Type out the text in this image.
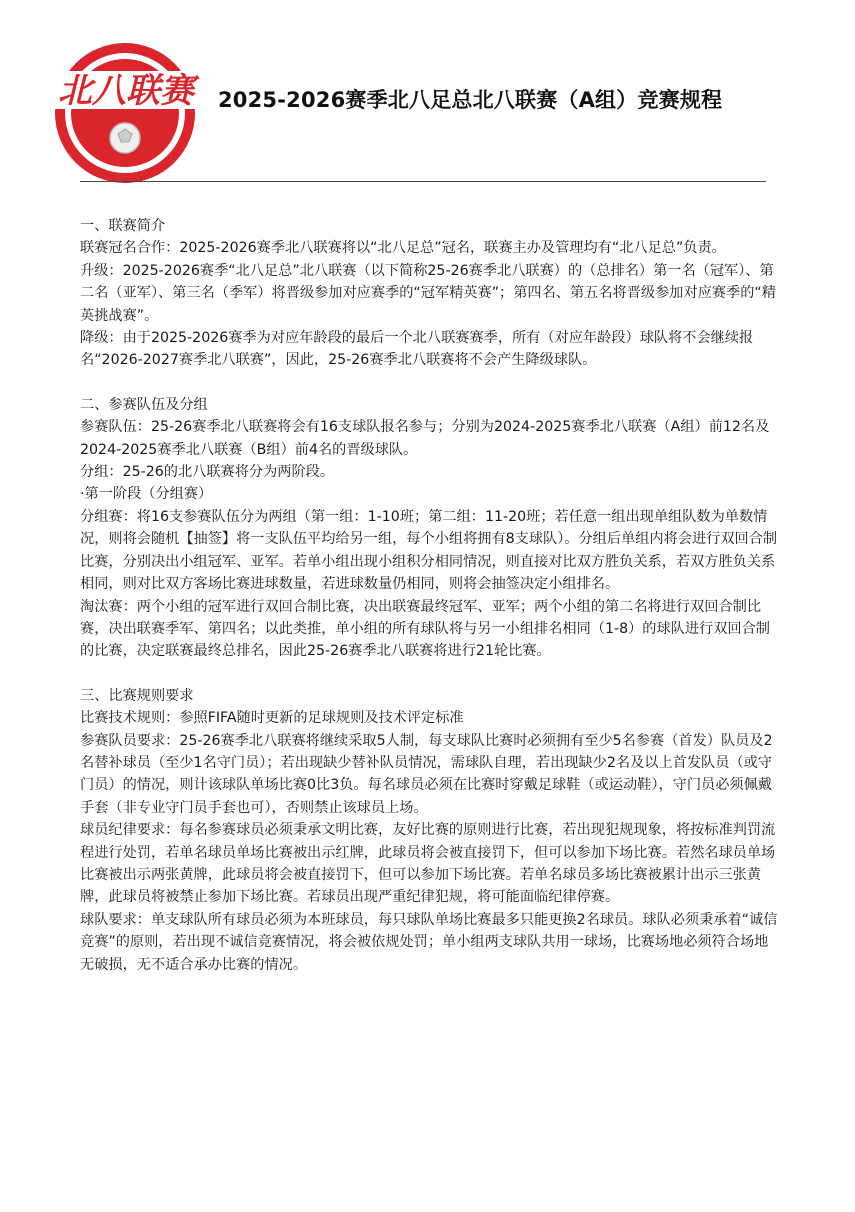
北八联赛 2025-2026赛季北八足总北八联赛（A组）竞赛规程

一、联赛简介

联赛冠名合作：2025-2026赛季北八联赛将以“北八足总”冠名，联赛主办及管理均有“北八足总”负责。

升级：2025-2026赛季“北八足总”北八联赛（以下简称25-26赛季北八联赛）的（总排名）第一名（冠军）、第二名（亚军）、第三名（季军）将晋级参加对应赛季的“冠军精英赛”；第四名、第五名将晋级参加对应赛季的“精英挑战赛”。

降级：由于2025-2026赛季为对应年龄段的最后一个北八联赛赛季，所有（对应年龄段）球队将不会继续报名“2026-2027赛季北八联赛”，因此，25-26赛季北八联赛将不会产生降级球队。

二、参赛队伍及分组

参赛队伍：25-26赛季北八联赛将会有16支球队报名参与；分别为2024-2025赛季北八联赛（A组）前12名及2024-2025赛季北八联赛（B组）前4名的晋级球队。

分组：25-26的北八联赛将分为两阶段。

·第一阶段（分组赛）

分组赛：将16支参赛队伍分为两组（第一组：1-10班；第二组：11-20班；若任意一组出现单组队数为单数情况，则将会随机【抽签】将一支队伍平均给另一组，每个小组将拥有8支球队）。分组后单组内将会进行双回合制比赛，分别决出小组冠军、亚军。若单小组出现小组积分相同情况，则直接对比双方胜负关系，若双方胜负关系相同，则对比双方客场比赛进球数量，若进球数量仍相同，则将会抽签决定小组排名。

淘汰赛：两个小组的冠军进行双回合制比赛，决出联赛最终冠军、亚军；两个小组的第二名将进行双回合制比赛，决出联赛季军、第四名；以此类推，单小组的所有球队将与另一小组排名相同（1-8）的球队进行双回合制的比赛，决定联赛最终总排名，因此25-26赛季北八联赛将进行21轮比赛。

三、比赛规则要求

比赛技术规则：参照FIFA随时更新的足球规则及技术评定标准

参赛队员要求：25-26赛季北八联赛将继续采取5人制，每支球队比赛时必须拥有至少5名参赛（首发）队员及2名替补球员（至少1名守门员）；若出现缺少替补队员情况，需球队自理，若出现缺少2名及以上首发队员（或守门员）的情况，则计该球队单场比赛0比3负。每名球员必须在比赛时穿戴足球鞋（或运动鞋），守门员必须佩戴手套（非专业守门员手套也可），否则禁止该球员上场。

球员纪律要求：每名参赛球员必须秉承文明比赛，友好比赛的原则进行比赛，若出现犯规现象，将按标准判罚流程进行处罚，若单名球员单场比赛被出示红牌，此球员将会被直接罚下，但可以参加下场比赛。若然名球员单场比赛被出示两张黄牌，此球员将会被直接罚下，但可以参加下场比赛。若单名球员多场比赛被累计出示三张黄牌，此球员将被禁止参加下场比赛。若球员出现严重纪律犯规，将可能面临纪律停赛。

球队要求：单支球队所有球员必须为本班球员，每只球队单场比赛最多只能更换2名球员。球队必须秉承着“诚信竞赛”的原则，若出现不诚信竞赛情况，将会被依规处罚；单小组两支球队共用一球场，比赛场地必须符合场地无破损，无不适合承办比赛的情况。
